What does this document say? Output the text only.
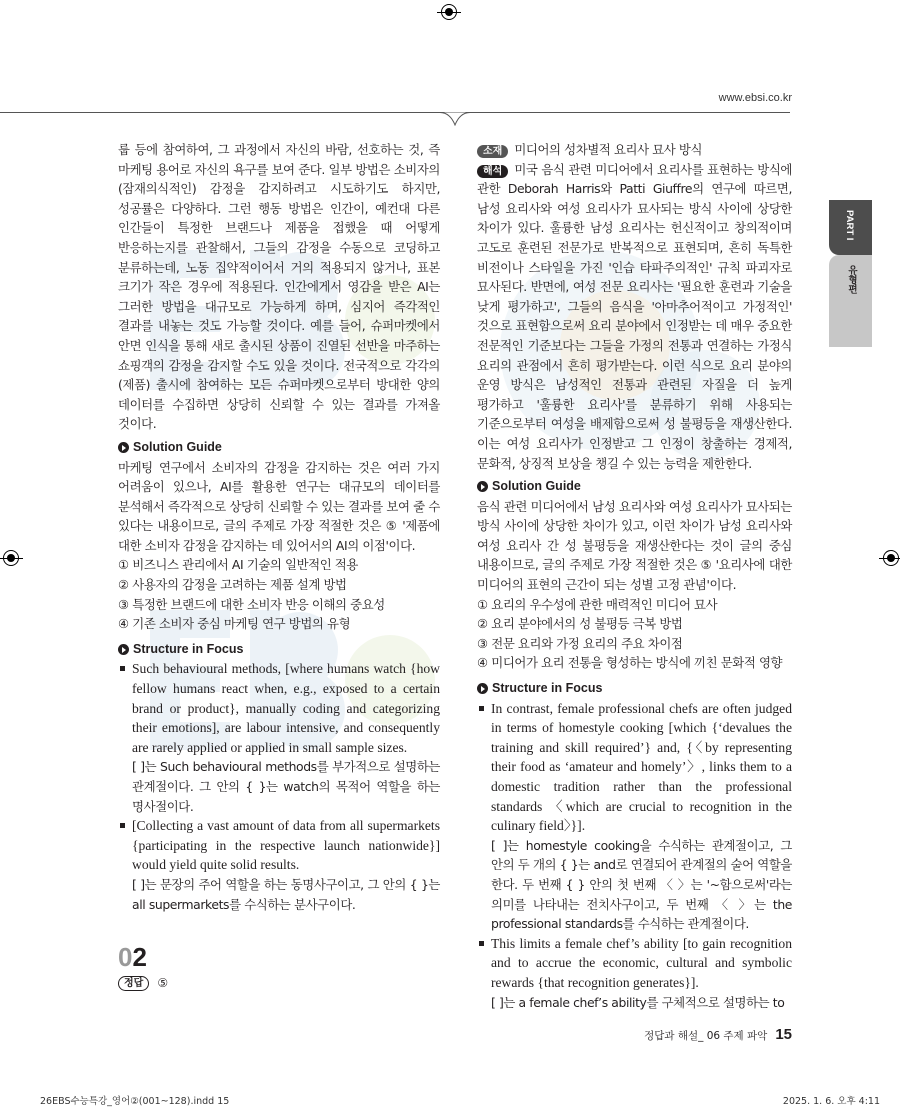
www.ebsi.co.kr
PART I
유형편

룹 등에 참여하여, 그 과정에서 자신의 바람, 선호하는 것, 즉 마케팅 용어로 자신의 욕구를 보여 준다. 일부 방법은 소비자의 (잠재의식적인) 감정을 감지하려고 시도하기도 하지만, 성공률은 다양하다. 그런 행동 방법은 인간이, 예컨대 다른 인간들이 특정한 브랜드나 제품을 접했을 때 어떻게 반응하는지를 관찰해서, 그들의 감정을 수동으로 코딩하고 분류하는데, 노동 집약적이어서 거의 적용되지 않거나, 표본 크기가 작은 경우에 적용된다. 인간에게서 영감을 받은 AI는 그러한 방법을 대규모로 가능하게 하며, 심지어 즉각적인 결과를 내놓는 것도 가능할 것이다. 예를 들어, 슈퍼마켓에서 안면 인식을 통해 새로 출시된 상품이 진열된 선반을 마주하는 쇼핑객의 감정을 감지할 수도 있을 것이다. 전국적으로 각각의 (제품) 출시에 참여하는 모든 슈퍼마켓으로부터 방대한 양의 데이터를 수집하면 상당히 신뢰할 수 있는 결과를 가져올 것이다.

Solution Guide

마케팅 연구에서 소비자의 감정을 감지하는 것은 여러 가지 어려움이 있으나, AI를 활용한 연구는 대규모의 데이터를 분석해서 즉각적으로 상당히 신뢰할 수 있는 결과를 보여 줄 수 있다는 내용이므로, 글의 주제로 가장 적절한 것은 ⑤ '제품에 대한 소비자 감정을 감지하는 데 있어서의 AI의 이점'이다.

① 비즈니스 관리에서 AI 기술의 일반적인 적용

② 사용자의 감정을 고려하는 제품 설계 방법

③ 특정한 브랜드에 대한 소비자 반응 이해의 중요성

④ 기존 소비자 중심 마케팅 연구 방법의 유형

Structure in Focus

Such behavioural methods, [where humans watch {how fellow humans react when, e.g., exposed to a certain brand or product}, manually coding and categorizing their emotions], are labour intensive, and consequently are rarely applied or applied in small sample sizes.

[ ]는 Such behavioural methods를 부가적으로 설명하는 관계절이다. 그 안의 { }는 watch의 목적어 역할을 하는 명사절이다.

[Collecting a vast amount of data from all supermarkets {participating in the respective launch nationwide}] would yield quite solid results.

[ ]는 문장의 주어 역할을 하는 동명사구이고, 그 안의 { }는 all supermarkets를 수식하는 분사구이다.

02
정답	⑤

소재 미디어의 성차별적 요리사 묘사 방식

해석 미국 음식 관련 미디어에서 요리사를 표현하는 방식에 관한 Deborah Harris와 Patti Giuffre의 연구에 따르면, 남성 요리사와 여성 요리사가 묘사되는 방식 사이에 상당한 차이가 있다. 훌륭한 남성 요리사는 헌신적이고 창의적이며 고도로 훈련된 전문가로 반복적으로 표현되며, 흔히 독특한 비전이나 스타일을 가진 '인습 타파주의적인' 규칙 파괴자로 묘사된다. 반면에, 여성 전문 요리사는 '필요한 훈련과 기술을 낮게 평가하고', 그들의 음식을 '아마추어적이고 가정적인' 것으로 표현함으로써 요리 분야에서 인정받는 데 매우 중요한 전문적인 기준보다는 그들을 가정의 전통과 연결하는 가정식 요리의 관점에서 흔히 평가받는다. 이런 식으로 요리 분야의 운영 방식은 남성적인 전통과 관련된 자질을 더 높게 평가하고 '훌륭한 요리사'를 분류하기 위해 사용되는 기준으로부터 여성을 배제함으로써 성 불평등을 재생산한다. 이는 여성 요리사가 인정받고 그 인정이 창출하는 경제적, 문화적, 상징적 보상을 챙길 수 있는 능력을 제한한다.

Solution Guide

음식 관련 미디어에서 남성 요리사와 여성 요리사가 묘사되는 방식 사이에 상당한 차이가 있고, 이런 차이가 남성 요리사와 여성 요리사 간 성 불평등을 재생산한다는 것이 글의 중심 내용이므로, 글의 주제로 가장 적절한 것은 ⑤ '요리사에 대한 미디어의 표현의 근간이 되는 성별 고정 관념'이다.

① 요리의 우수성에 관한 매력적인 미디어 묘사

② 요리 분야에서의 성 불평등 극복 방법

③ 전문 요리와 가정 요리의 주요 차이점

④ 미디어가 요리 전통을 형성하는 방식에 끼친 문화적 영향

Structure in Focus

In contrast, female professional chefs are often judged in terms of homestyle cooking [which {‘devalues the training and skill required’} and, {〈by representing their food as ‘amateur and homely’〉, links them to a domestic tradition rather than the professional standards 〈which are crucial to recognition in the culinary field〉}].

[ ]는 homestyle cooking을 수식하는 관계절이고, 그 안의 두 개의 { }는 and로 연결되어 관계절의 술어 역할을 한다. 두 번째 { } 안의 첫 번째 〈 〉는 '~함으로써'라는 의미를 나타내는 전치사구이고, 두 번째 〈 〉는 the professional standards를 수식하는 관계절이다.

This limits a female chef’s ability [to gain recognition and to accrue the economic, cultural and symbolic rewards {that recognition generates}].

[ ]는 a female chef’s ability를 구체적으로 설명하는 to

정답과 해설_ 06 주제 파악 15
26EBS수능특강_영어②(001~128).indd 15	2025. 1. 6. 오후 4:11
